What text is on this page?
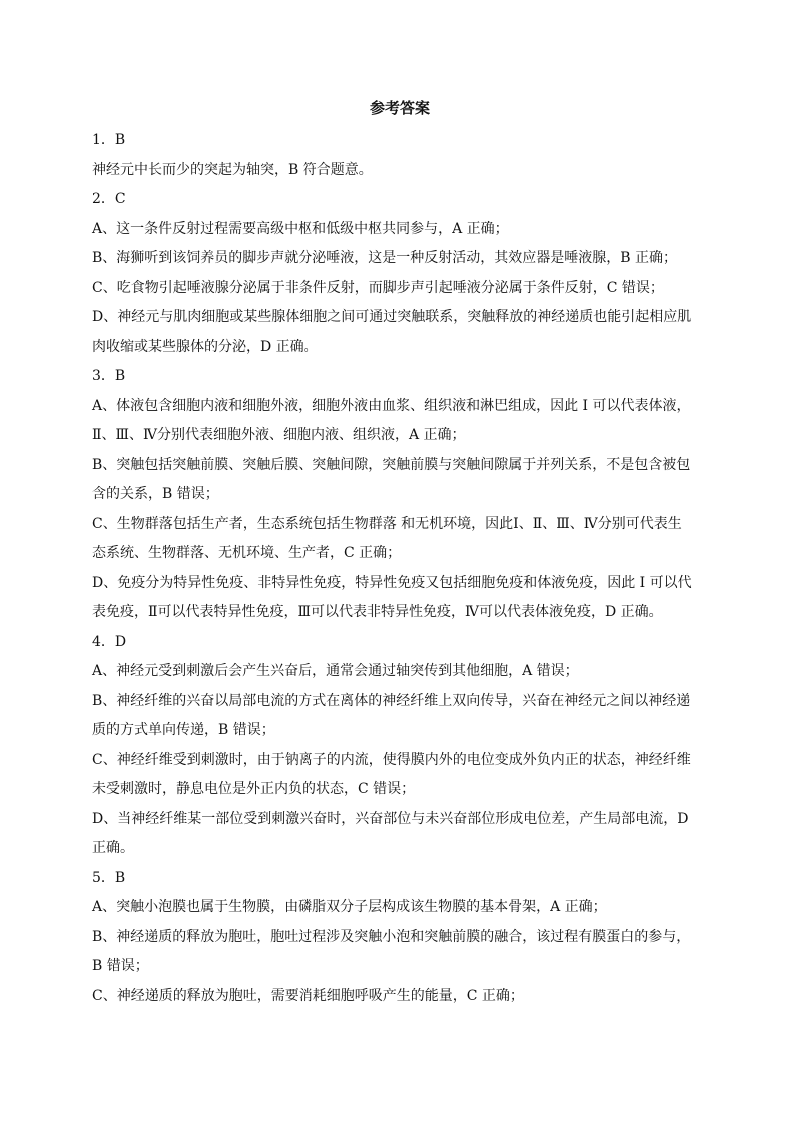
参考答案
1．B
神经元中长而少的突起为轴突，B 符合题意。
2．C
A、这一条件反射过程需要高级中枢和低级中枢共同参与，A 正确；
B、海狮听到该饲养员的脚步声就分泌唾液，这是一种反射活动，其效应器是唾液腺，B 正确；
C、吃食物引起唾液腺分泌属于非条件反射，而脚步声引起唾液分泌属于条件反射，C 错误；
D、神经元与肌肉细胞或某些腺体细胞之间可通过突触联系，突触释放的神经递质也能引起相应肌
肉收缩或某些腺体的分泌，D 正确。
3．B
A、体液包含细胞内液和细胞外液，细胞外液由血浆、组织液和淋巴组成，因此 I 可以代表体液，
Ⅱ、Ⅲ、Ⅳ分别代表细胞外液、细胞内液、组织液，A 正确；
B、突触包括突触前膜、突触后膜、突触间隙，突触前膜与突触间隙属于并列关系，不是包含被包
含的关系，B 错误；
C、生物群落包括生产者，生态系统包括生物群落 和无机环境，因此Ⅰ、Ⅱ、Ⅲ、Ⅳ分别可代表生
态系统、生物群落、无机环境、生产者，C 正确；
D、免疫分为特异性免疫、非特异性免疫，特异性免疫又包括细胞免疫和体液免疫，因此 I 可以代
表免疫，Ⅱ可以代表特异性免疫，Ⅲ可以代表非特异性免疫，Ⅳ可以代表体液免疫，D 正确。
4．D
A、神经元受到刺激后会产生兴奋后，通常会通过轴突传到其他细胞，A 错误；
B、神经纤维的兴奋以局部电流的方式在离体的神经纤维上双向传导，兴奋在神经元之间以神经递
质的方式单向传递，B 错误；
C、神经纤维受到刺激时，由于钠离子的内流，使得膜内外的电位变成外负内正的状态，神经纤维
未受刺激时，静息电位是外正内负的状态，C 错误；
D、当神经纤维某一部位受到刺激兴奋时，兴奋部位与未兴奋部位形成电位差，产生局部电流，D
正确。
5．B
A、突触小泡膜也属于生物膜，由磷脂双分子层构成该生物膜的基本骨架，A 正确；
B、神经递质的释放为胞吐，胞吐过程涉及突触小泡和突触前膜的融合，该过程有膜蛋白的参与，
B 错误；
C、神经递质的释放为胞吐，需要消耗细胞呼吸产生的能量，C 正确；
